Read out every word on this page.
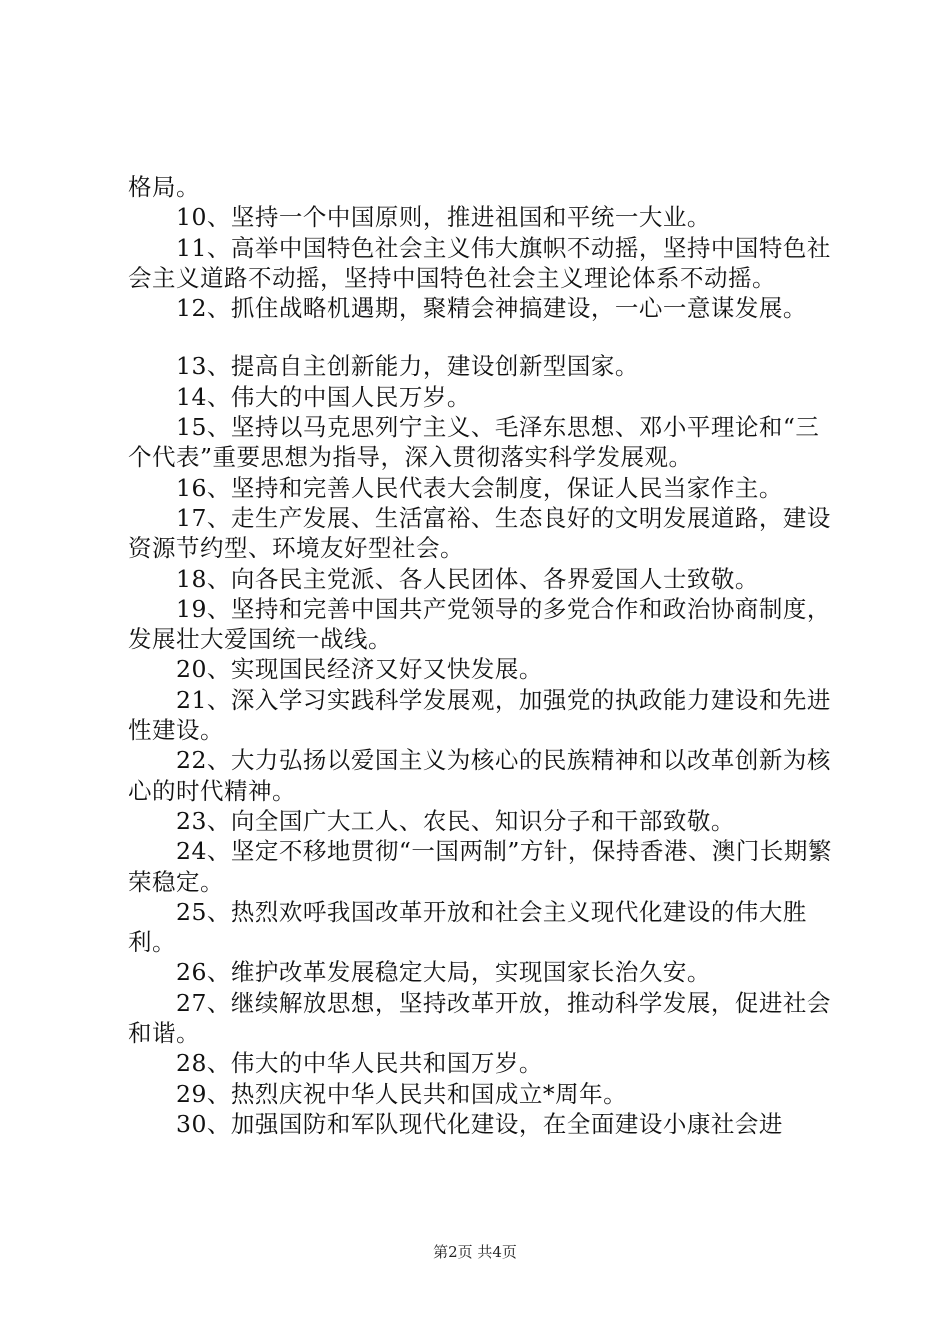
格局。

10、坚持一个中国原则，推进祖国和平统一大业。

11、高举中国特色社会主义伟大旗帜不动摇，坚持中国特色社会主义道路不动摇，坚持中国特色社会主义理论体系不动摇。

12、抓住战略机遇期，聚精会神搞建设，一心一意谋发展。

13、提高自主创新能力，建设创新型国家。

14、伟大的中国人民万岁。

15、坚持以马克思列宁主义、毛泽东思想、邓小平理论和“三个代表”重要思想为指导，深入贯彻落实科学发展观。

16、坚持和完善人民代表大会制度，保证人民当家作主。

17、走生产发展、生活富裕、生态良好的文明发展道路，建设资源节约型、环境友好型社会。

18、向各民主党派、各人民团体、各界爱国人士致敬。

19、坚持和完善中国共产党领导的多党合作和政治协商制度，发展壮大爱国统一战线。

20、实现国民经济又好又快发展。

21、深入学习实践科学发展观，加强党的执政能力建设和先进性建设。

22、大力弘扬以爱国主义为核心的民族精神和以改革创新为核心的时代精神。

23、向全国广大工人、农民、知识分子和干部致敬。

24、坚定不移地贯彻“一国两制”方针，保持香港、澳门长期繁荣稳定。

25、热烈欢呼我国改革开放和社会主义现代化建设的伟大胜利。

26、维护改革发展稳定大局，实现国家长治久安。

27、继续解放思想，坚持改革开放，推动科学发展，促进社会和谐。

28、伟大的中华人民共和国万岁。

29、热烈庆祝中华人民共和国成立*周年。

30、加强国防和军队现代化建设，在全面建设小康社会进

第2页 共4页
